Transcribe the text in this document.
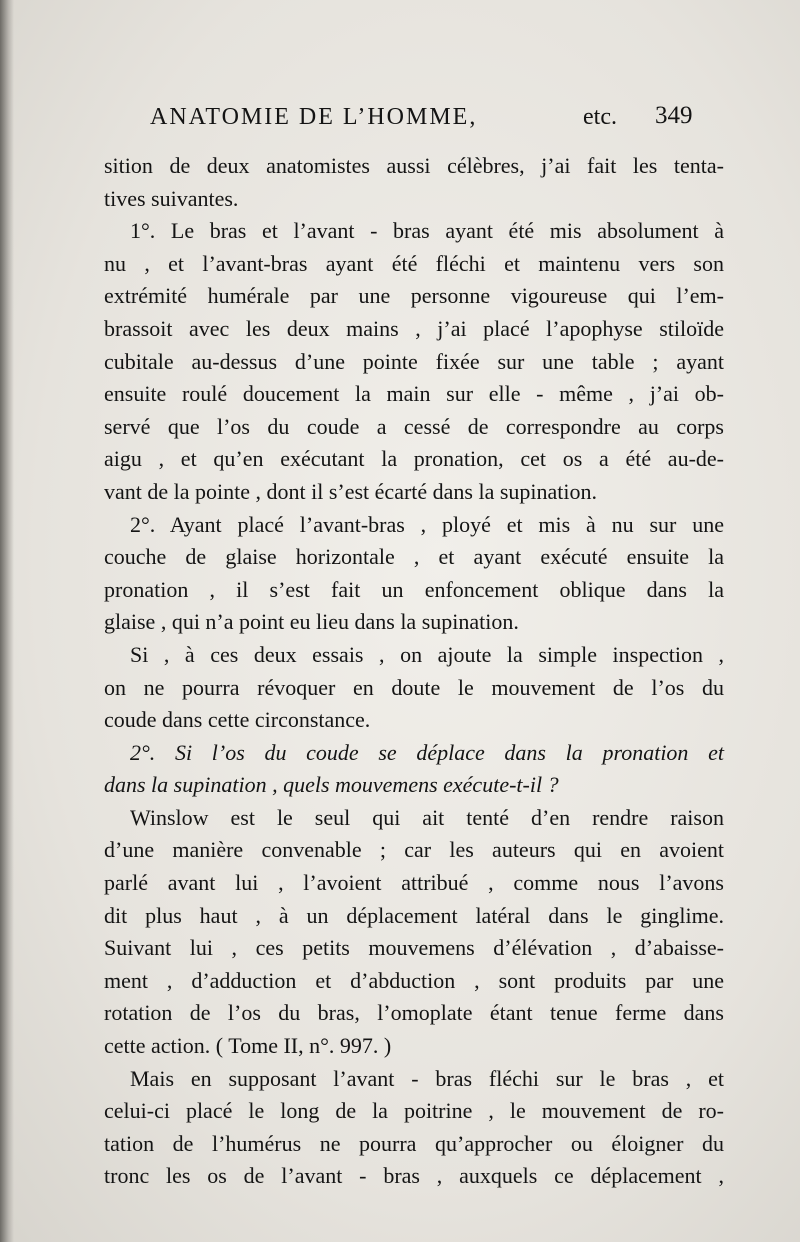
ANATOMIE DE L’HOMME,	etc. 349

sition de deux anatomistes aussi célèbres, j’ai fait les tenta-

tives suivantes.

1°. Le bras et l’avant - bras ayant été mis absolument à

nu , et l’avant-bras ayant été fléchi et maintenu vers son

extrémité humérale par une personne vigoureuse qui l’em-

brassoit avec les deux mains , j’ai placé l’apophyse stiloïde

cubitale au-dessus d’une pointe fixée sur une table ; ayant

ensuite roulé doucement la main sur elle - même , j’ai ob-

servé que l’os du coude a cessé de correspondre au corps

aigu , et qu’en exécutant la pronation, cet os a été au-de-

vant de la pointe , dont il s’est écarté dans la supination.

2°. Ayant placé l’avant-bras , ployé et mis à nu sur une

couche de glaise horizontale , et ayant exécuté ensuite la

pronation , il s’est fait un enfoncement oblique dans la

glaise , qui n’a point eu lieu dans la supination.

Si , à ces deux essais , on ajoute la simple inspection ,

on ne pourra révoquer en doute le mouvement de l’os du

coude dans cette circonstance.

2°. Si l’os du coude se déplace dans la pronation et

dans la supination , quels mouvemens exécute-t-il ?

Winslow est le seul qui ait tenté d’en rendre raison

d’une manière convenable ; car les auteurs qui en avoient

parlé avant lui , l’avoient attribué , comme nous l’avons

dit plus haut , à un déplacement latéral dans le ginglime.

Suivant lui , ces petits mouvemens d’élévation , d’abaisse-

ment , d’adduction et d’abduction , sont produits par une

rotation de l’os du bras, l’omoplate étant tenue ferme dans

cette action. ( Tome II, n°. 997. )

Mais en supposant l’avant - bras fléchi sur le bras , et

celui-ci placé le long de la poitrine , le mouvement de ro-

tation de l’humérus ne pourra qu’approcher ou éloigner du

tronc les os de l’avant - bras , auxquels ce déplacement ,
